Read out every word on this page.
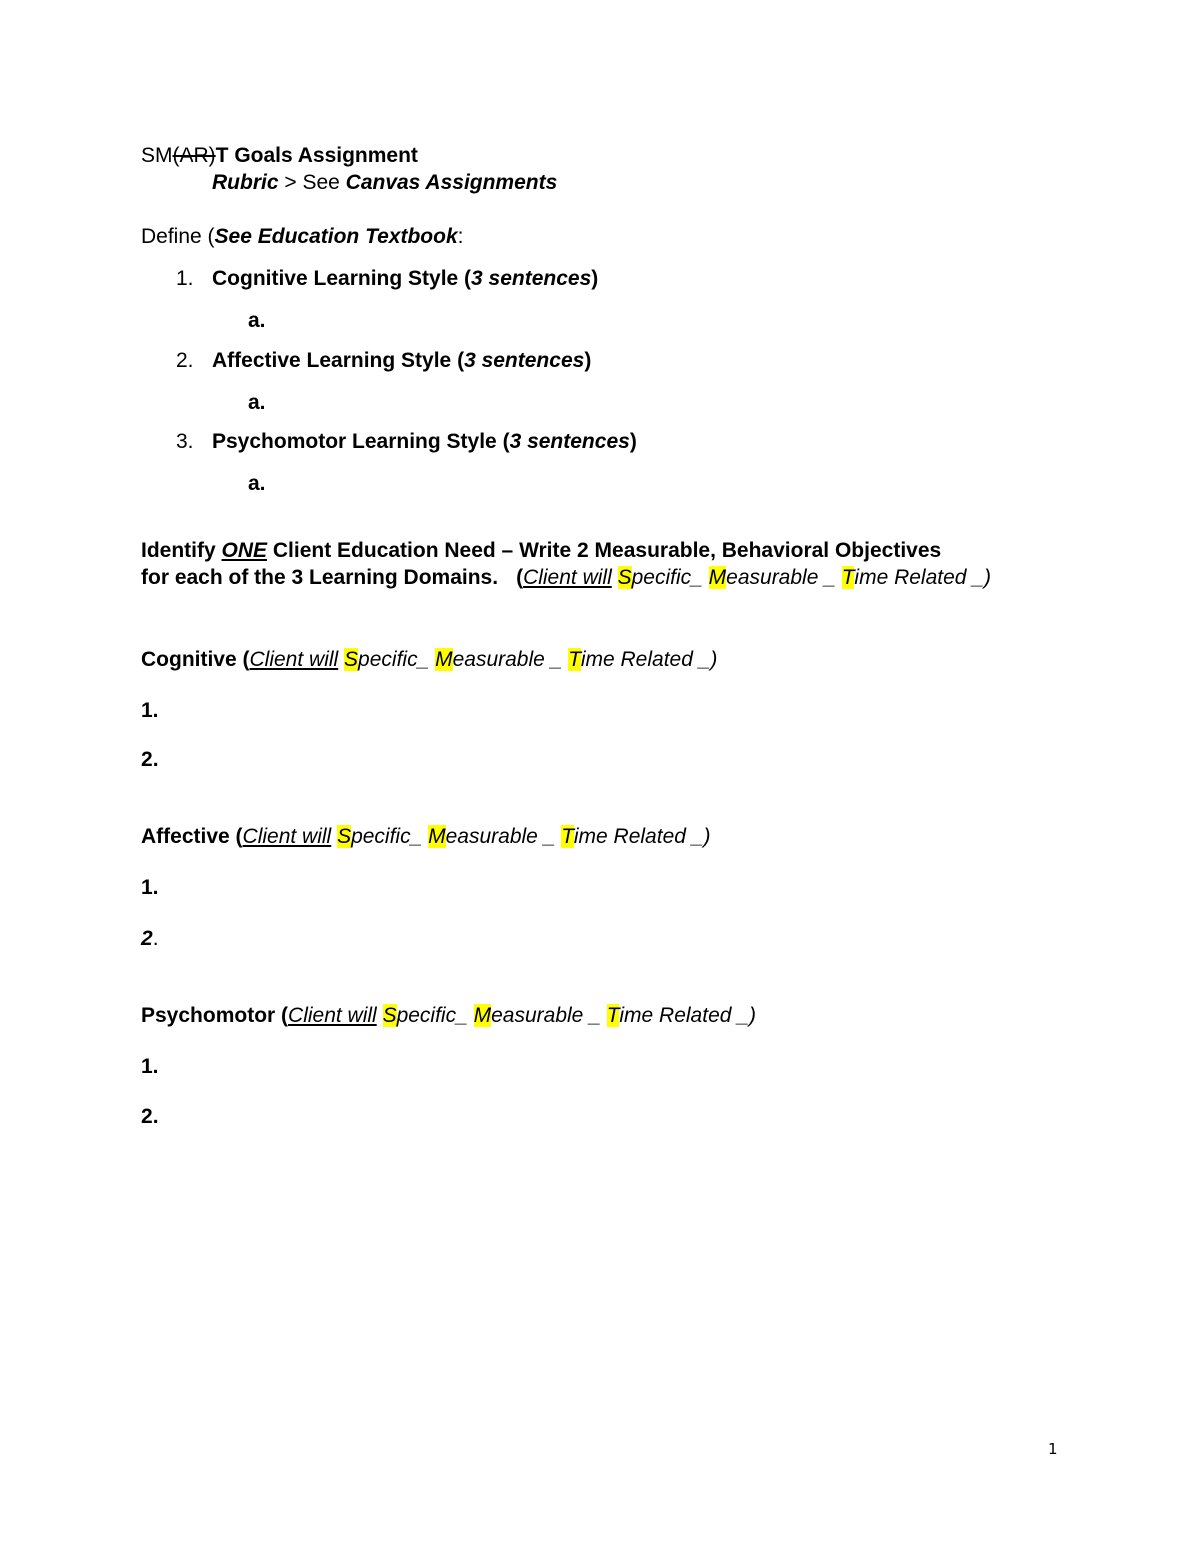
SM(AR)T Goals Assignment
Rubric > See Canvas Assignments
Define (See Education Textbook:
1. Cognitive Learning Style (3 sentences)
a.
2. Affective Learning Style (3 sentences)
a.
3. Psychomotor Learning Style (3 sentences)
a.
Identify ONE Client Education Need – Write 2 Measurable, Behavioral Objectives
for each of the 3 Learning Domains. (Client will Specific_ Measurable _ Time Related _)
Cognitive (Client will Specific_ Measurable _ Time Related _)
1.
2.
Affective (Client will Specific_ Measurable _ Time Related _)
1.
2.
Psychomotor (Client will Specific_ Measurable _ Time Related _)
1.
2.
1
